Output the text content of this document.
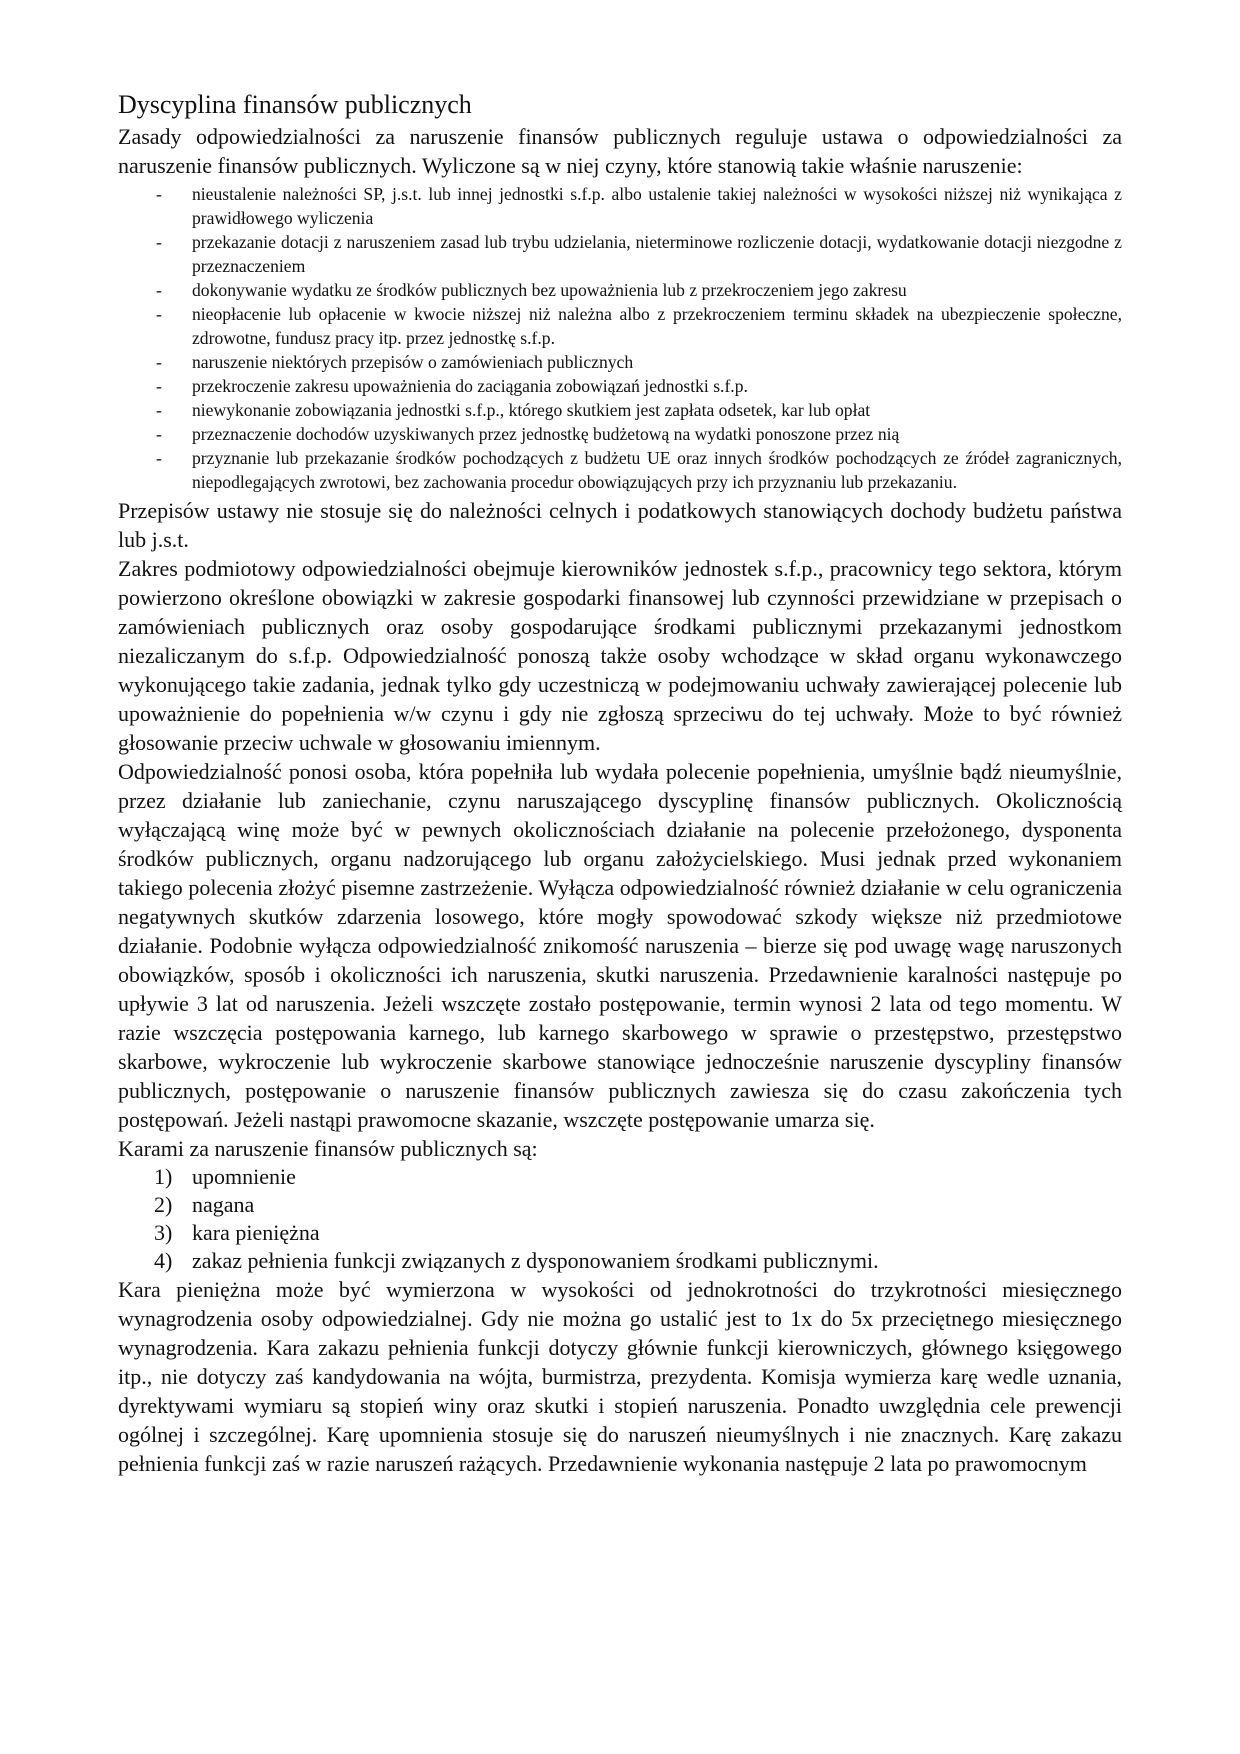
Dyscyplina finansów publicznych

Zasady odpowiedzialności za naruszenie finansów publicznych reguluje ustawa o odpowiedzialności za naruszenie finansów publicznych. Wyliczone są w niej czyny, które stanowią takie właśnie naruszenie:

- nieustalenie należności SP, j.s.t. lub innej jednostki s.f.p. albo ustalenie takiej należności w wysokości niższej niż wynikająca z prawidłowego wyliczenia
- przekazanie dotacji z naruszeniem zasad lub trybu udzielania, nieterminowe rozliczenie dotacji, wydatkowanie dotacji niezgodne z przeznaczeniem
- dokonywanie wydatku ze środków publicznych bez upoważnienia lub z przekroczeniem jego zakresu
- nieopłacenie lub opłacenie w kwocie niższej niż należna albo z przekroczeniem terminu składek na ubezpieczenie społeczne, zdrowotne, fundusz pracy itp. przez jednostkę s.f.p.
- naruszenie niektórych przepisów o zamówieniach publicznych
- przekroczenie zakresu upoważnienia do zaciągania zobowiązań jednostki s.f.p.
- niewykonanie zobowiązania jednostki s.f.p., którego skutkiem jest zapłata odsetek, kar lub opłat
- przeznaczenie dochodów uzyskiwanych przez jednostkę budżetową na wydatki ponoszone przez nią
- przyznanie lub przekazanie środków pochodzących z budżetu UE oraz innych środków pochodzących ze źródeł zagranicznych, niepodlegających zwrotowi, bez zachowania procedur obowiązujących przy ich przyznaniu lub przekazaniu.

Przepisów ustawy nie stosuje się do należności celnych i podatkowych stanowiących dochody budżetu państwa lub j.s.t.

Zakres podmiotowy odpowiedzialności obejmuje kierowników jednostek s.f.p., pracownicy tego sektora, którym powierzono określone obowiązki w zakresie gospodarki finansowej lub czynności przewidziane w przepisach o zamówieniach publicznych oraz osoby gospodarujące środkami publicznymi przekazanymi jednostkom niezaliczanym do s.f.p. Odpowiedzialność ponoszą także osoby wchodzące w skład organu wykonawczego wykonującego takie zadania, jednak tylko gdy uczestniczą w podejmowaniu uchwały zawierającej polecenie lub upoważnienie do popełnienia w/w czynu i gdy nie zgłoszą sprzeciwu do tej uchwały. Może to być również głosowanie przeciw uchwale w głosowaniu imiennym.

Odpowiedzialność ponosi osoba, która popełniła lub wydała polecenie popełnienia, umyślnie bądź nieumyślnie, przez działanie lub zaniechanie, czynu naruszającego dyscyplinę finansów publicznych. Okolicznością wyłączającą winę może być w pewnych okolicznościach działanie na polecenie przełożonego, dysponenta środków publicznych, organu nadzorującego lub organu założycielskiego. Musi jednak przed wykonaniem takiego polecenia złożyć pisemne zastrzeżenie. Wyłącza odpowiedzialność również działanie w celu ograniczenia negatywnych skutków zdarzenia losowego, które mogły spowodować szkody większe niż przedmiotowe działanie. Podobnie wyłącza odpowiedzialność znikomość naruszenia – bierze się pod uwagę wagę naruszonych obowiązków, sposób i okoliczności ich naruszenia, skutki naruszenia. Przedawnienie karalności następuje po upływie 3 lat od naruszenia. Jeżeli wszczęte zostało postępowanie, termin wynosi 2 lata od tego momentu. W razie wszczęcia postępowania karnego, lub karnego skarbowego w sprawie o przestępstwo, przestępstwo skarbowe, wykroczenie lub wykroczenie skarbowe stanowiące jednocześnie naruszenie dyscypliny finansów publicznych, postępowanie o naruszenie finansów publicznych zawiesza się do czasu zakończenia tych postępowań. Jeżeli nastąpi prawomocne skazanie, wszczęte postępowanie umarza się.

Karami za naruszenie finansów publicznych są:

1) upomnienie
2) nagana
3) kara pieniężna
4) zakaz pełnienia funkcji związanych z dysponowaniem środkami publicznymi.

Kara pieniężna może być wymierzona w wysokości od jednokrotności do trzykrotności miesięcznego wynagrodzenia osoby odpowiedzialnej. Gdy nie można go ustalić jest to 1x do 5x przeciętnego miesięcznego wynagrodzenia. Kara zakazu pełnienia funkcji dotyczy głównie funkcji kierowniczych, głównego księgowego itp., nie dotyczy zaś kandydowania na wójta, burmistrza, prezydenta. Komisja wymierza karę wedle uznania, dyrektywami wymiaru są stopień winy oraz skutki i stopień naruszenia. Ponadto uwzględnia cele prewencji ogólnej i szczególnej. Karę upomnienia stosuje się do naruszeń nieumyślnych i nie znacznych. Karę zakazu pełnienia funkcji zaś w razie naruszeń rażących. Przedawnienie wykonania następuje 2 lata po prawomocnym
